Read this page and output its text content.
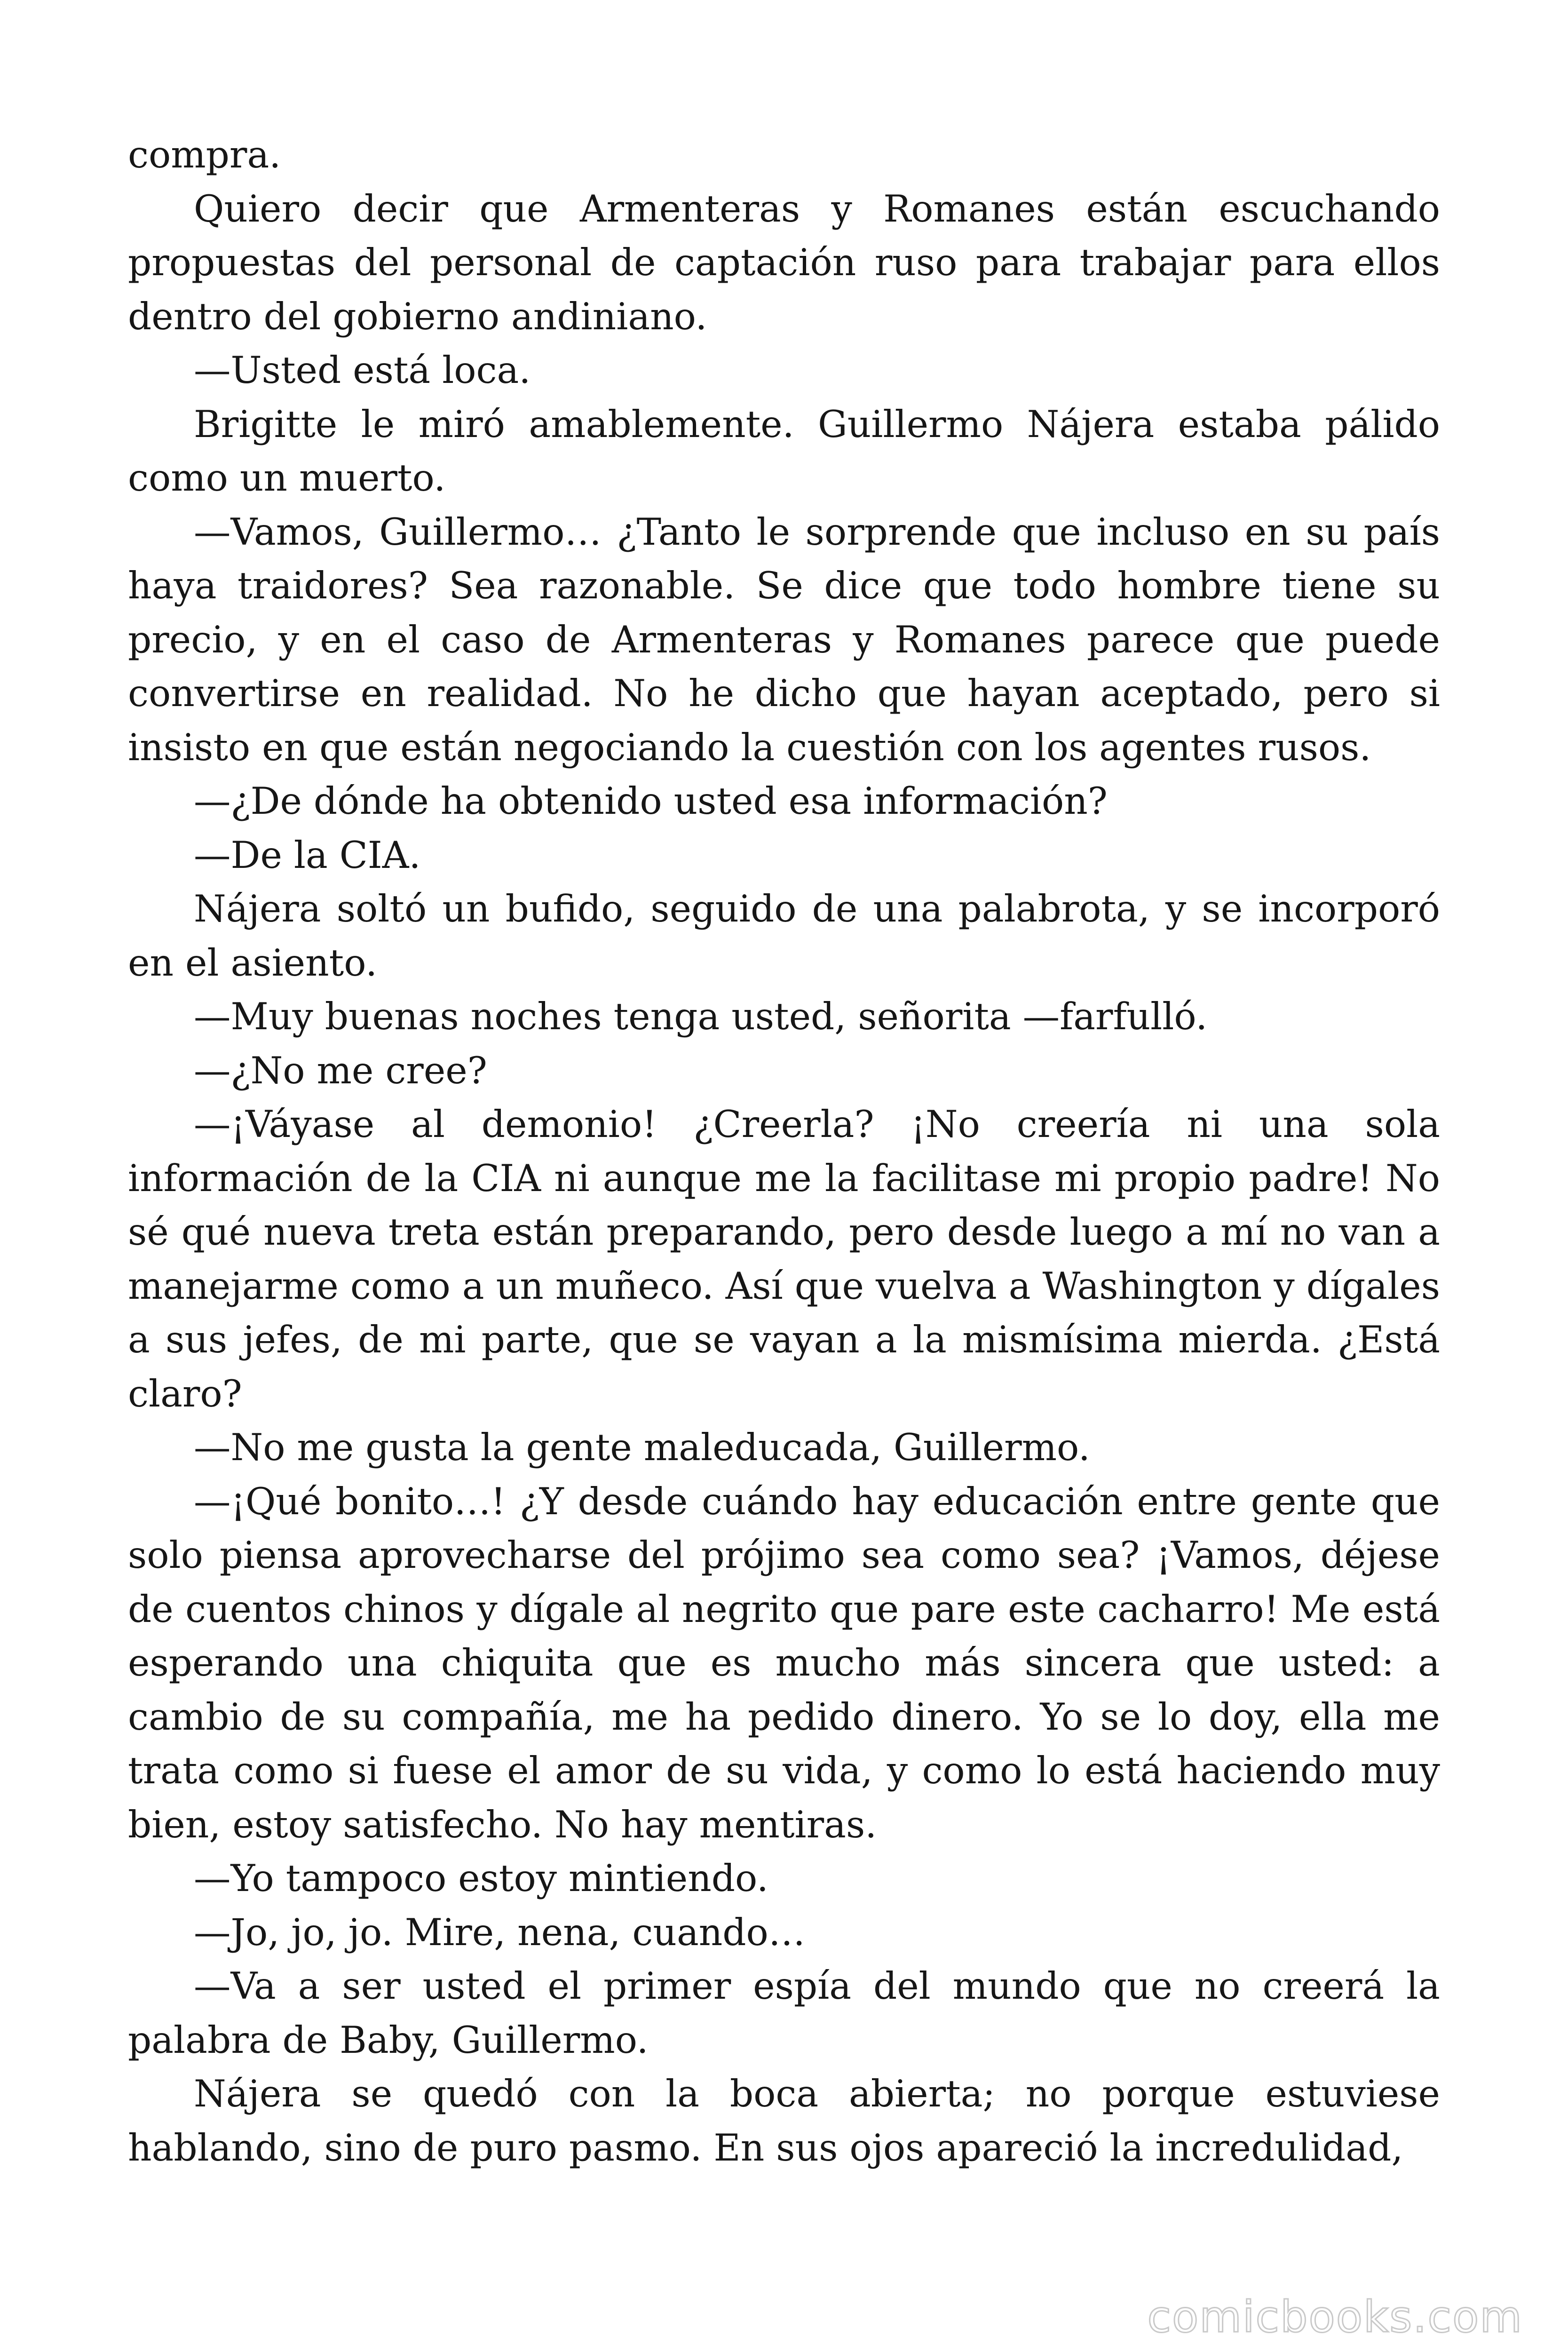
compra.

Quiero decir que Armenteras y Romanes están escuchando propuestas del personal de captación ruso para trabajar para ellos dentro del gobierno andiniano.

—Usted está loca.

Brigitte le miró amablemente. Guillermo Nájera estaba pálido como un muerto.

—Vamos, Guillermo… ¿Tanto le sorprende que incluso en su país haya traidores? Sea razonable. Se dice que todo hombre tiene su precio, y en el caso de Armenteras y Romanes parece que puede convertirse en realidad. No he dicho que hayan aceptado, pero si insisto en que están negociando la cuestión con los agentes rusos.

—¿De dónde ha obtenido usted esa información?

—De la CIA.

Nájera soltó un bufido, seguido de una palabrota, y se incorporó en el asiento.

—Muy buenas noches tenga usted, señorita —farfulló.

—¿No me cree?

—¡Váyase al demonio! ¿Creerla? ¡No creería ni una sola información de la CIA ni aunque me la facilitase mi propio padre! No sé qué nueva treta están preparando, pero desde luego a mí no van a manejarme como a un muñeco. Así que vuelva a Washington y dígales a sus jefes, de mi parte, que se vayan a la mismísima mierda. ¿Está claro?

—No me gusta la gente maleducada, Guillermo.

—¡Qué bonito…! ¿Y desde cuándo hay educación entre gente que solo piensa aprovecharse del prójimo sea como sea? ¡Vamos, déjese de cuentos chinos y dígale al negrito que pare este cacharro! Me está esperando una chiquita que es mucho más sincera que usted: a cambio de su compañía, me ha pedido dinero. Yo se lo doy, ella me trata como si fuese el amor de su vida, y como lo está haciendo muy bien, estoy satisfecho. No hay mentiras.

—Yo tampoco estoy mintiendo.

—Jo, jo, jo. Mire, nena, cuando…

—Va a ser usted el primer espía del mundo que no creerá la palabra de Baby, Guillermo.

Nájera se quedó con la boca abierta; no porque estuviese hablando, sino de puro pasmo. En sus ojos apareció la incredulidad,

comicbooks.com
